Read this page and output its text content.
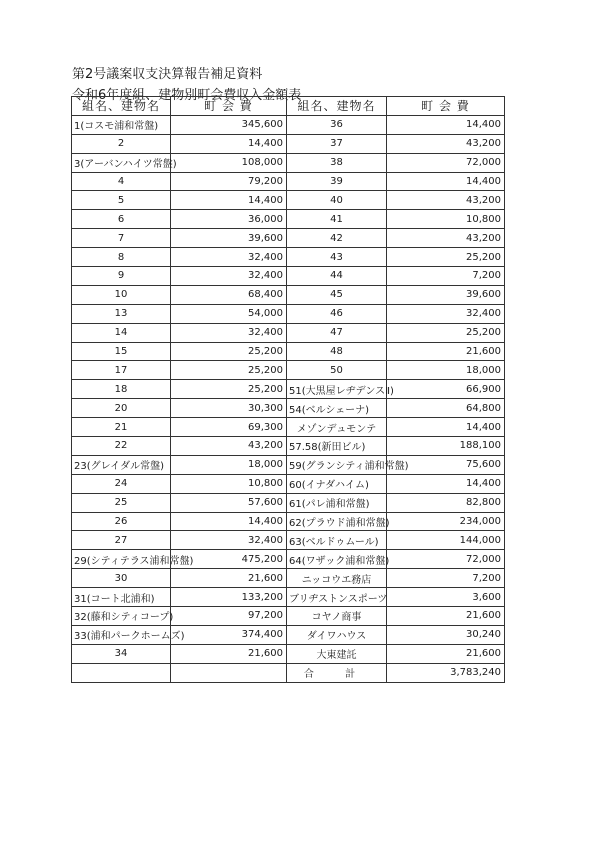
第2号議案収支決算報告補足資料
令和6年度組、建物別町会費収入金額表
組名、建物名	町 会 費	組名、建物名	町 会 費
1(コスモ浦和常盤)	345,600	36	14,400
2	14,400	37	43,200
3(アーバンハイツ常盤)	108,000	38	72,000
4	79,200	39	14,400
5	14,400	40	43,200
6	36,000	41	10,800
7	39,600	42	43,200
8	32,400	43	25,200
9	32,400	44	7,200
10	68,400	45	39,600
13	54,000	46	32,400
14	32,400	47	25,200
15	25,200	48	21,600
17	25,200	50	18,000
18	25,200	51(大黒屋レヂデンスⅡ)	66,900
20	30,300	54(ベルシェーナ)	64,800
21	69,300	メゾンデュモンテ	14,400
22	43,200	57.58(新田ビル)	188,100
23(グレイダル常盤)	18,000	59(グランシティ浦和常盤)	75,600
24	10,800	60(イナダハイム)	14,400
25	57,600	61(パレ浦和常盤)	82,800
26	14,400	62(プラウド浦和常盤)	234,000
27	32,400	63(ベルドゥムール)	144,000
29(シティテラス浦和常盤)	475,200	64(ワザック浦和常盤)	72,000
30	21,600	ニッコウエ務店	7,200
31(コート北浦和)	133,200	ブリヂストンスポーツ	3,600
32(藤和シティコープ)	97,200	コヤノ商事	21,600
33(浦和パークホームズ)	374,400	ダイワハウス	30,240
34	21,600	大東建託	21,600
		合 計	3,783,240
